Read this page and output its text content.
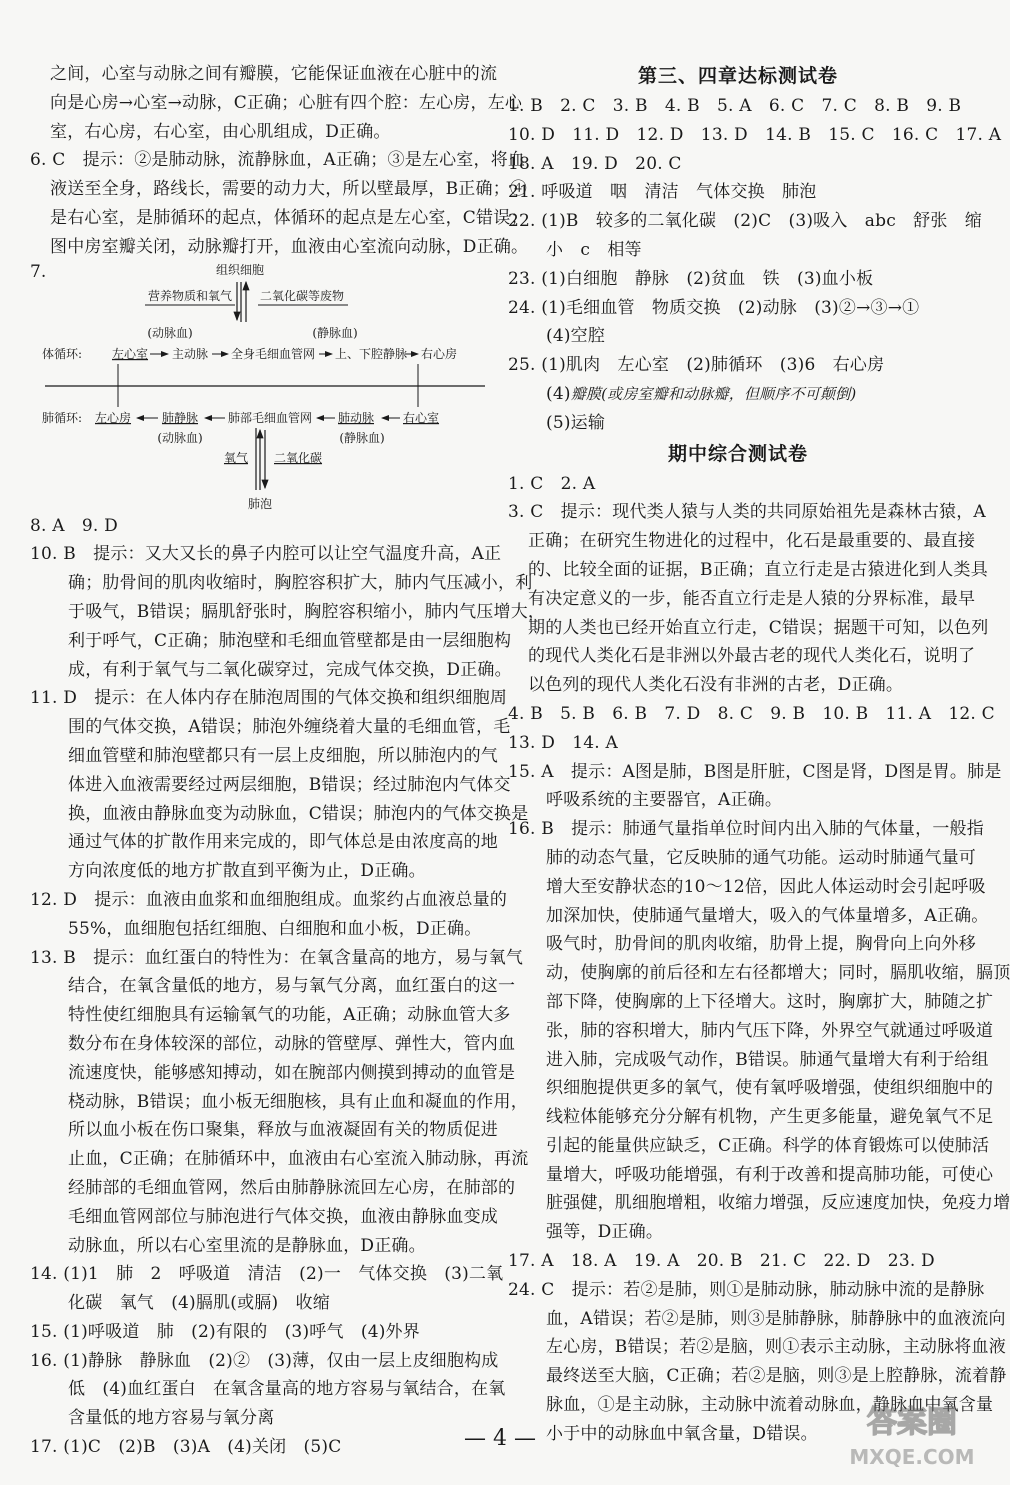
之间，心室与动脉之间有瓣膜，它能保证血液在心脏中的流
向是心房→心室→动脉，C正确；心脏有四个腔：左心房，左心
室，右心房，右心室，由心肌组成，D正确。
6. C　提示：②是肺动脉，流静脉血，A正确；③是左心室，将血
液送至全身，路线长，需要的动力大，所以壁最厚，B正确；④
是右心室，是肺循环的起点，体循环的起点是左心室，C错误；
图中房室瓣关闭，动脉瓣打开，血液由心室流向动脉，D正确。
7.	组织细胞
营养物质和氧气 二氧化碳等废物
(动脉血)	(静脉血)
体循环: 左心室 主动脉 全身毛细血管网 上、下腔静脉 右心房
肺循环: 左心房	肺静脉 肺部毛细血管网 肺动脉 右心室
(动脉血)	(静脉血)
氧气 二氧化碳
肺泡
8. A　9. D
10. B　提示：又大又长的鼻子内腔可以让空气温度升高，A正
确；肋骨间的肌肉收缩时，胸腔容积扩大，肺内气压减小，利
于吸气，B错误；膈肌舒张时，胸腔容积缩小，肺内气压增大，
利于呼气，C正确；肺泡壁和毛细血管壁都是由一层细胞构
成，有利于氧气与二氧化碳穿过，完成气体交换，D正确。
11. D　提示：在人体内存在肺泡周围的气体交换和组织细胞周
围的气体交换，A错误；肺泡外缠绕着大量的毛细血管，毛
细血管壁和肺泡壁都只有一层上皮细胞，所以肺泡内的气
体进入血液需要经过两层细胞，B错误；经过肺泡内气体交
换，血液由静脉血变为动脉血，C错误；肺泡内的气体交换是
通过气体的扩散作用来完成的，即气体总是由浓度高的地
方向浓度低的地方扩散直到平衡为止，D正确。
12. D　提示：血液由血浆和血细胞组成。血浆约占血液总量的
55%，血细胞包括红细胞、白细胞和血小板，D正确。
13. B　提示：血红蛋白的特性为：在氧含量高的地方，易与氧气
结合，在氧含量低的地方，易与氧气分离，血红蛋白的这一
特性使红细胞具有运输氧气的功能，A正确；动脉血管大多
数分布在身体较深的部位，动脉的管壁厚、弹性大，管内血
流速度快，能够感知搏动，如在腕部内侧摸到搏动的血管是
桡动脉，B错误；血小板无细胞核，具有止血和凝血的作用，
所以血小板在伤口聚集，释放与血液凝固有关的物质促进
止血，C正确；在肺循环中，血液由右心室流入肺动脉，再流
经肺部的毛细血管网，然后由肺静脉流回左心房，在肺部的
毛细血管网部位与肺泡进行气体交换，血液由静脉血变成
动脉血，所以右心室里流的是静脉血，D正确。
14. (1)1　肺　2　呼吸道　清洁　(2)一　气体交换　(3)二氧
化碳　氧气　(4)膈肌(或膈)　收缩
15. (1)呼吸道　肺　(2)有限的　(3)呼气　(4)外界
16. (1)静脉　静脉血　(2)②　(3)薄，仅由一层上皮细胞构成
低　(4)血红蛋白　在氧含量高的地方容易与氧结合，在氧
含量低的地方容易与氧分离
17. (1)C　(2)B　(3)A　(4)关闭　(5)C
第三、四章达标测试卷
1. B　2. C　3. B　4. B　5. A　6. C　7. C　8. B　9. B
10. D　11. D　12. D　13. D　14. B　15. C　16. C　17. A
18. A　19. D　20. C
21. 呼吸道　咽　清洁　气体交换　肺泡
22. (1)B　较多的二氧化碳　(2)C　(3)吸入　abc　舒张　缩
小　c　相等
23. (1)白细胞　静脉　(2)贫血　铁　(3)血小板
24. (1)毛细血管　物质交换　(2)动脉　(3)②→③→①
(4)空腔
25. (1)肌肉　左心室　(2)肺循环　(3)6　右心房
(4)瓣膜(或房室瓣和动脉瓣，但顺序不可颠倒)
(5)运输
期中综合测试卷
1. C　2. A
3. C　提示：现代类人猿与人类的共同原始祖先是森林古猿，A
正确；在研究生物进化的过程中，化石是最重要的、最直接
的、比较全面的证据，B正确；直立行走是古猿进化到人类具
有决定意义的一步，能否直立行走是人猿的分界标准，最早
期的人类也已经开始直立行走，C错误；据题干可知，以色列
的现代人类化石是非洲以外最古老的现代人类化石，说明了
以色列的现代人类化石没有非洲的古老，D正确。
4. B　5. B　6. B　7. D　8. C　9. B　10. B　11. A　12. C
13. D　14. A
15. A　提示：A图是肺，B图是肝脏，C图是肾，D图是胃。肺是
呼吸系统的主要器官，A正确。
16. B　提示：肺通气量指单位时间内出入肺的气体量，一般指
肺的动态气量，它反映肺的通气功能。运动时肺通气量可
增大至安静状态的10～12倍，因此人体运动时会引起呼吸
加深加快，使肺通气量增大，吸入的气体量增多，A正确。
吸气时，肋骨间的肌肉收缩，肋骨上提，胸骨向上向外移
动，使胸廓的前后径和左右径都增大；同时，膈肌收缩，膈顶
部下降，使胸廓的上下径增大。这时，胸廓扩大，肺随之扩
张，肺的容积增大，肺内气压下降，外界空气就通过呼吸道
进入肺，完成吸气动作，B错误。肺通气量增大有利于给组
织细胞提供更多的氧气，使有氧呼吸增强，使组织细胞中的
线粒体能够充分分解有机物，产生更多能量，避免氧气不足
引起的能量供应缺乏，C正确。科学的体育锻炼可以使肺活
量增大，呼吸功能增强，有利于改善和提高肺功能，可使心
脏强健，肌细胞增粗，收缩力增强，反应速度加快，免疫力增
强等，D正确。
17. A　18. A　19. A　20. B　21. C　22. D　23. D
24. C　提示：若②是肺，则①是肺动脉，肺动脉中流的是静脉
血，A错误；若②是肺，则③是肺静脉，肺静脉中的血液流向
左心房，B错误；若②是脑，则①表示主动脉，主动脉将血液
最终送至大脑，C正确；若②是脑，则③是上腔静脉，流着静
脉血，①是主动脉，主动脉中流着动脉血，静脉血中氧含量
小于中的动脉血中氧含量，D错误。
— 4 —	答案圈
MXQE.COM
